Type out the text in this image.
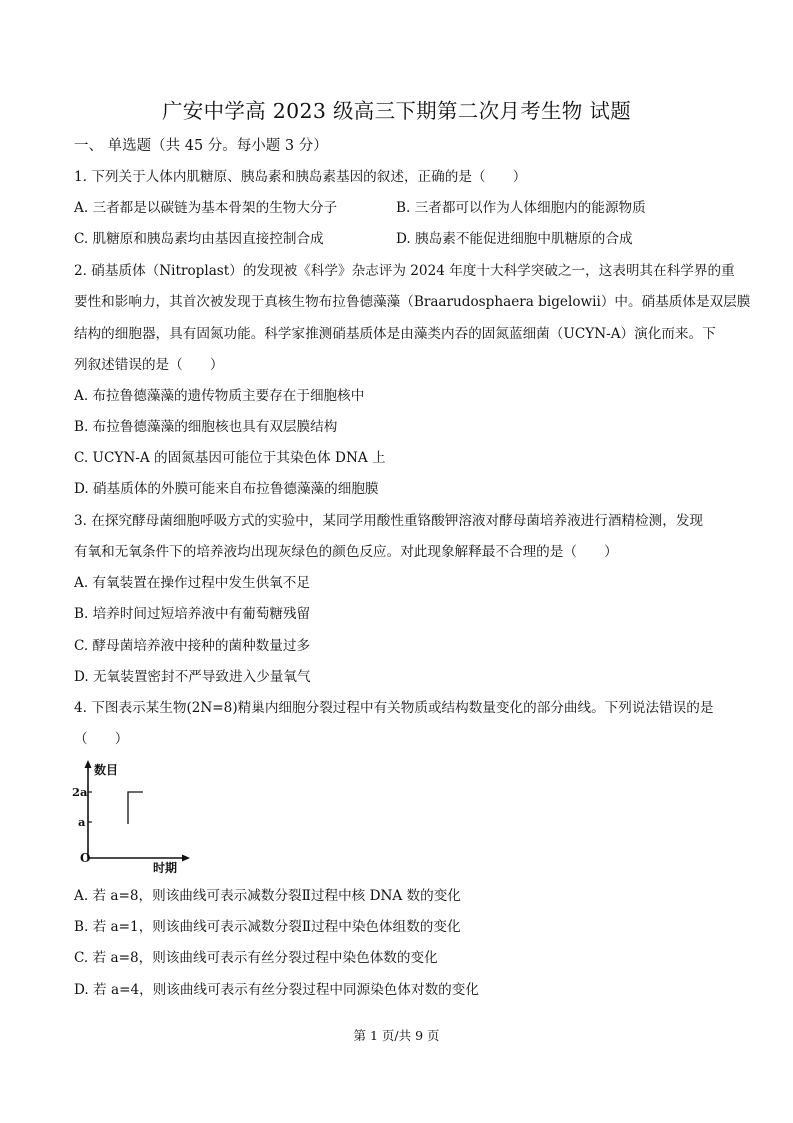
广安中学高 2023 级高三下期第二次月考生物 试题
一、 单选题（共 45 分。每小题 3 分）
1. 下列关于人体内肌糖原、胰岛素和胰岛素基因的叙述，正确的是（　　）
A. 三者都是以碳链为基本骨架的生物大分子	B. 三者都可以作为人体细胞内的能源物质
C. 肌糖原和胰岛素均由基因直接控制合成	D. 胰岛素不能促进细胞中肌糖原的合成
2. 硝基质体（Nitroplast）的发现被《科学》杂志评为 2024 年度十大科学突破之一，这表明其在科学界的重
要性和影响力，其首次被发现于真核生物布拉鲁德藻藻（Braarudosphaera bigelowii）中。硝基质体是双层膜
结构的细胞器，具有固氮功能。科学家推测硝基质体是由藻类内吞的固氮蓝细菌（UCYN-A）演化而来。下
列叙述错误的是（　　）
A. 布拉鲁德藻藻的遗传物质主要存在于细胞核中
B. 布拉鲁德藻藻的细胞核也具有双层膜结构
C. UCYN-A 的固氮基因可能位于其染色体 DNA 上
D. 硝基质体的外膜可能来自布拉鲁德藻藻的细胞膜
3. 在探究酵母菌细胞呼吸方式的实验中，某同学用酸性重铬酸钾溶液对酵母菌培养液进行酒精检测，发现
有氧和无氧条件下的培养液均出现灰绿色的颜色反应。对此现象解释最不合理的是（　　）
A. 有氧装置在操作过程中发生供氧不足
B. 培养时间过短培养液中有葡萄糖残留
C. 酵母菌培养液中接种的菌种数量过多
D. 无氧装置密封不严导致进入少量氧气
4. 下图表示某生物(2N=8)精巢内细胞分裂过程中有关物质或结构数量变化的部分曲线。下列说法错误的是
（　　）
数目
时期
O
2a
a
A. 若 a=8，则该曲线可表示减数分裂Ⅱ过程中核 DNA 数的变化
B. 若 a=1，则该曲线可表示减数分裂Ⅱ过程中染色体组数的变化
C. 若 a=8，则该曲线可表示有丝分裂过程中染色体数的变化
D. 若 a=4，则该曲线可表示有丝分裂过程中同源染色体对数的变化
第 1 页/共 9 页
